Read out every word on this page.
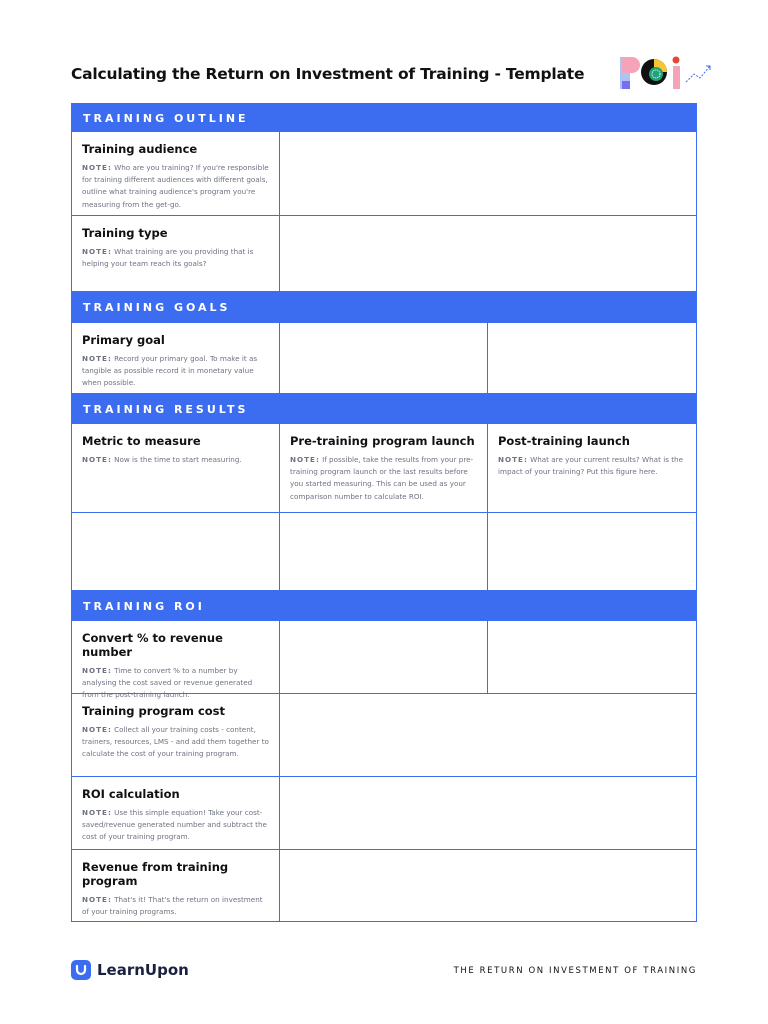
Calculating the Return on Investment of Training - Template
TRAINING OUTLINE
Training audience
NOTE: Who are you training? If you're responsible for training different audiences with different goals, outline what training audience's program you're measuring from the get-go.
Training type
NOTE: What training are you providing that is helping your team reach its goals?
TRAINING GOALS
Primary goal
NOTE: Record your primary goal. To make it as tangible as possible record it in monetary value when possible.
TRAINING RESULTS
Metric to measure
NOTE: Now is the time to start measuring.
Pre-training program launch
NOTE: If possible, take the results from your pre-training program launch or the last results before you started measuring. This can be used as your comparison number to calculate ROI.
Post-training launch
NOTE: What are your current results? What is the impact of your training? Put this figure here.
TRAINING ROI
Convert % to revenue number
NOTE: Time to convert % to a number by analysing the cost saved or revenue generated from the post-training launch.
Training program cost
NOTE: Collect all your training costs - content, trainers, resources, LMS - and add them together to calculate the cost of your training program.
ROI calculation
NOTE: Use this simple equation! Take your cost-saved/revenue generated number and subtract the cost of your training program.
Revenue from training program
NOTE: That's it! That's the return on investment of your training programs.
LearnUpon	THE RETURN ON INVESTMENT OF TRAINING
